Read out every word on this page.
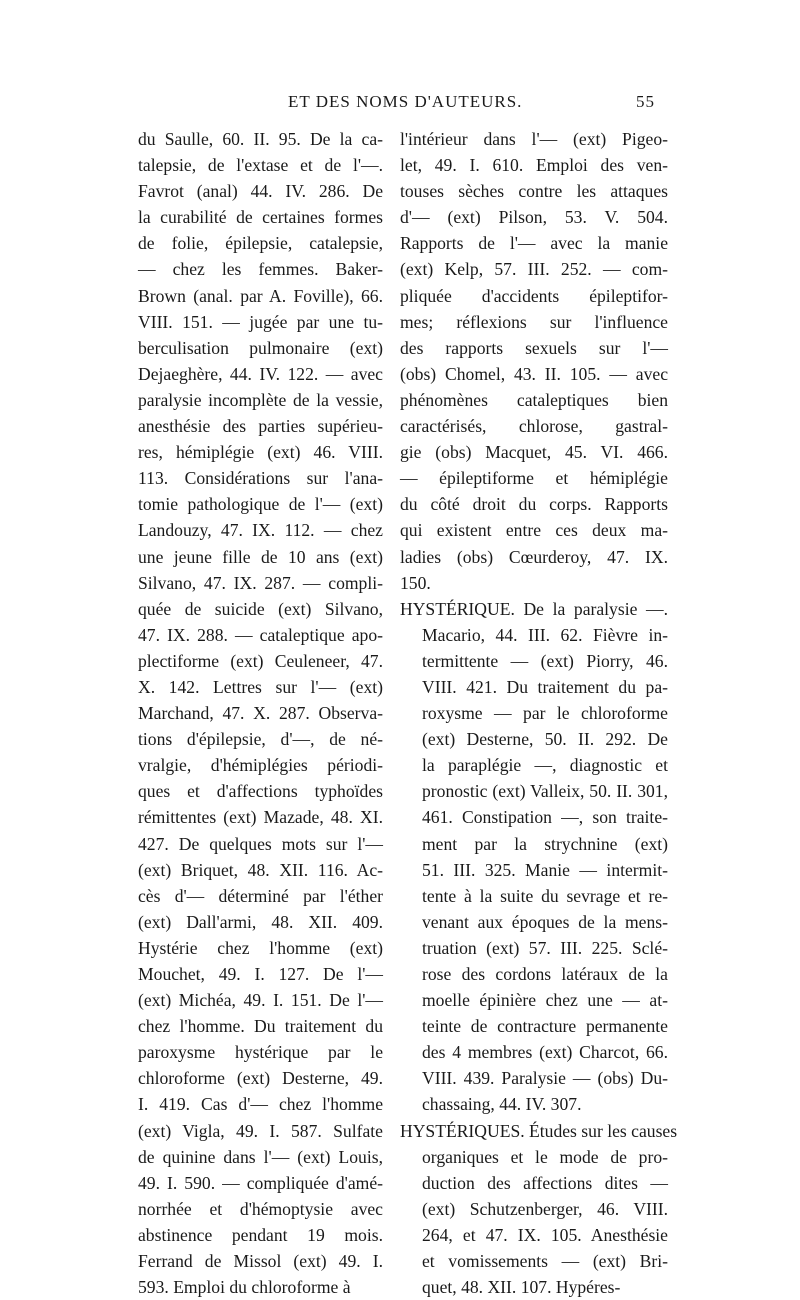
ET DES NOMS D'AUTEURS.	55
du Saulle, 60. II. 95. De la ca-
talepsie, de l'extase et de l'—.
Favrot (anal) 44. IV. 286. De
la curabilité de certaines formes
de folie, épilepsie, catalepsie,
— chez les femmes. Baker-
Brown (anal. par A. Foville), 66.
VIII. 151. — jugée par une tu-
berculisation pulmonaire (ext)
Dejaeghère, 44. IV. 122. — avec
paralysie incomplète de la vessie,
anesthésie des parties supérieu-
res, hémiplégie (ext) 46. VIII.
113. Considérations sur l'ana-
tomie pathologique de l'— (ext)
Landouzy, 47. IX. 112. — chez
une jeune fille de 10 ans (ext)
Silvano, 47. IX. 287. — compli-
quée de suicide (ext) Silvano,
47. IX. 288. — cataleptique apo-
plectiforme (ext) Ceuleneer, 47.
X. 142. Lettres sur l'— (ext)
Marchand, 47. X. 287. Observa-
tions d'épilepsie, d'—, de né-
vralgie, d'hémiplégies périodi-
ques et d'affections typhoïdes
rémittentes (ext) Mazade, 48. XI.
427. De quelques mots sur l'—
(ext) Briquet, 48. XII. 116. Ac-
cès d'— déterminé par l'éther
(ext) Dall'armi, 48. XII. 409.
Hystérie chez l'homme (ext)
Mouchet, 49. I. 127. De l'—
(ext) Michéa, 49. I. 151. De l'—
chez l'homme. Du traitement du
paroxysme hystérique par le
chloroforme (ext) Desterne, 49.
I. 419. Cas d'— chez l'homme
(ext) Vigla, 49. I. 587. Sulfate
de quinine dans l'— (ext) Louis,
49. I. 590. — compliquée d'amé-
norrhée et d'hémoptysie avec
abstinence pendant 19 mois.
Ferrand de Missol (ext) 49. I.
593. Emploi du chloroforme à
l'intérieur dans l'— (ext) Pigeo-
let, 49. I. 610. Emploi des ven-
touses sèches contre les attaques
d'— (ext) Pilson, 53. V. 504.
Rapports de l'— avec la manie
(ext) Kelp, 57. III. 252. — com-
pliquée d'accidents épileptifor-
mes; réflexions sur l'influence
des rapports sexuels sur l'—
(obs) Chomel, 43. II. 105. — avec
phénomènes cataleptiques bien
caractérisés, chlorose, gastral-
gie (obs) Macquet, 45. VI. 466.
— épileptiforme et hémiplégie
du côté droit du corps. Rapports
qui existent entre ces deux ma-
ladies (obs) Cœurderoy, 47. IX.
150.
HYSTÉRIQUE. De la paralysie —.
Macario, 44. III. 62. Fièvre in-
termittente — (ext) Piorry, 46.
VIII. 421. Du traitement du pa-
roxysme — par le chloroforme
(ext) Desterne, 50. II. 292. De
la paraplégie —, diagnostic et
pronostic (ext) Valleix, 50. II. 301,
461. Constipation —, son traite-
ment par la strychnine (ext)
51. III. 325. Manie — intermit-
tente à la suite du sevrage et re-
venant aux époques de la mens-
truation (ext) 57. III. 225. Sclé-
rose des cordons latéraux de la
moelle épinière chez une — at-
teinte de contracture permanente
des 4 membres (ext) Charcot, 66.
VIII. 439. Paralysie — (obs) Du-
chassaing, 44. IV. 307.
HYSTÉRIQUES. Études sur les causes
organiques et le mode de pro-
duction des affections dites —
(ext) Schutzenberger, 46. VIII.
264, et 47. IX. 105. Anesthésie
et vomissements — (ext) Bri-
quet, 48. XII. 107. Hypéres-
